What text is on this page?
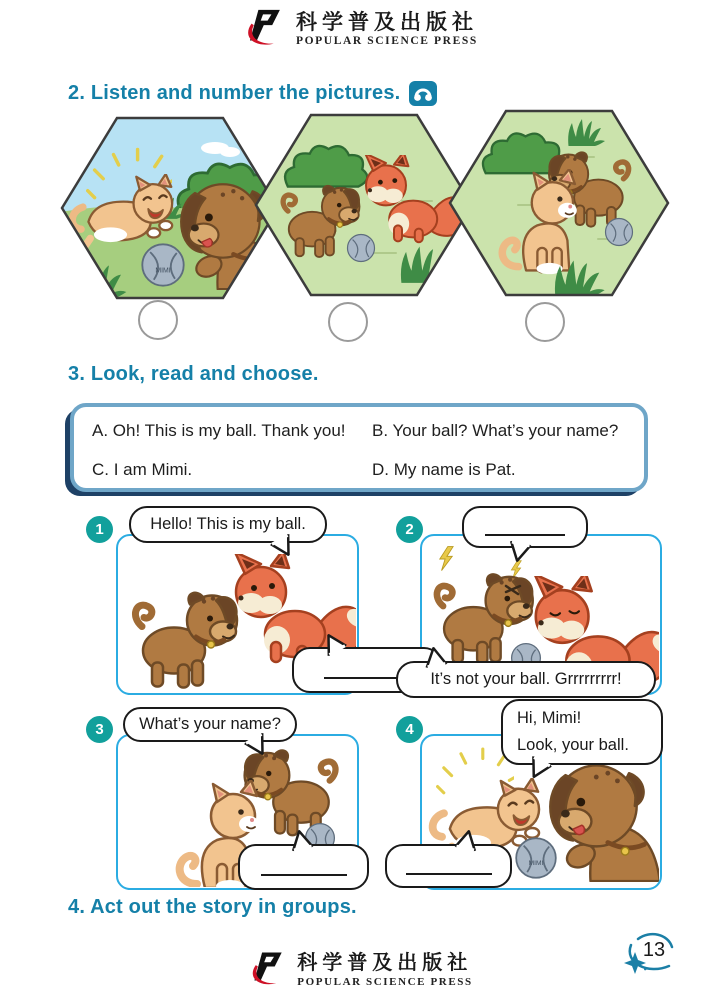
科学普及出版社
POPULAR SCIENCE PRESS
2. Listen and number the pictures.
3. Look, read and choose.
A. Oh! This is my ball. Thank you! B. Your ball? What’s your name?
C. I am Mimi.	D. My name is Pat.
1	Hello! This is my ball.	2
It’s not your ball. Grrrrrrrrr!
3 What’s your name?	4
Hi, Mimi!
Look, your ball.
4. Act out the story in groups.
13
科学普及出版社
POPULAR SCIENCE PRESS
